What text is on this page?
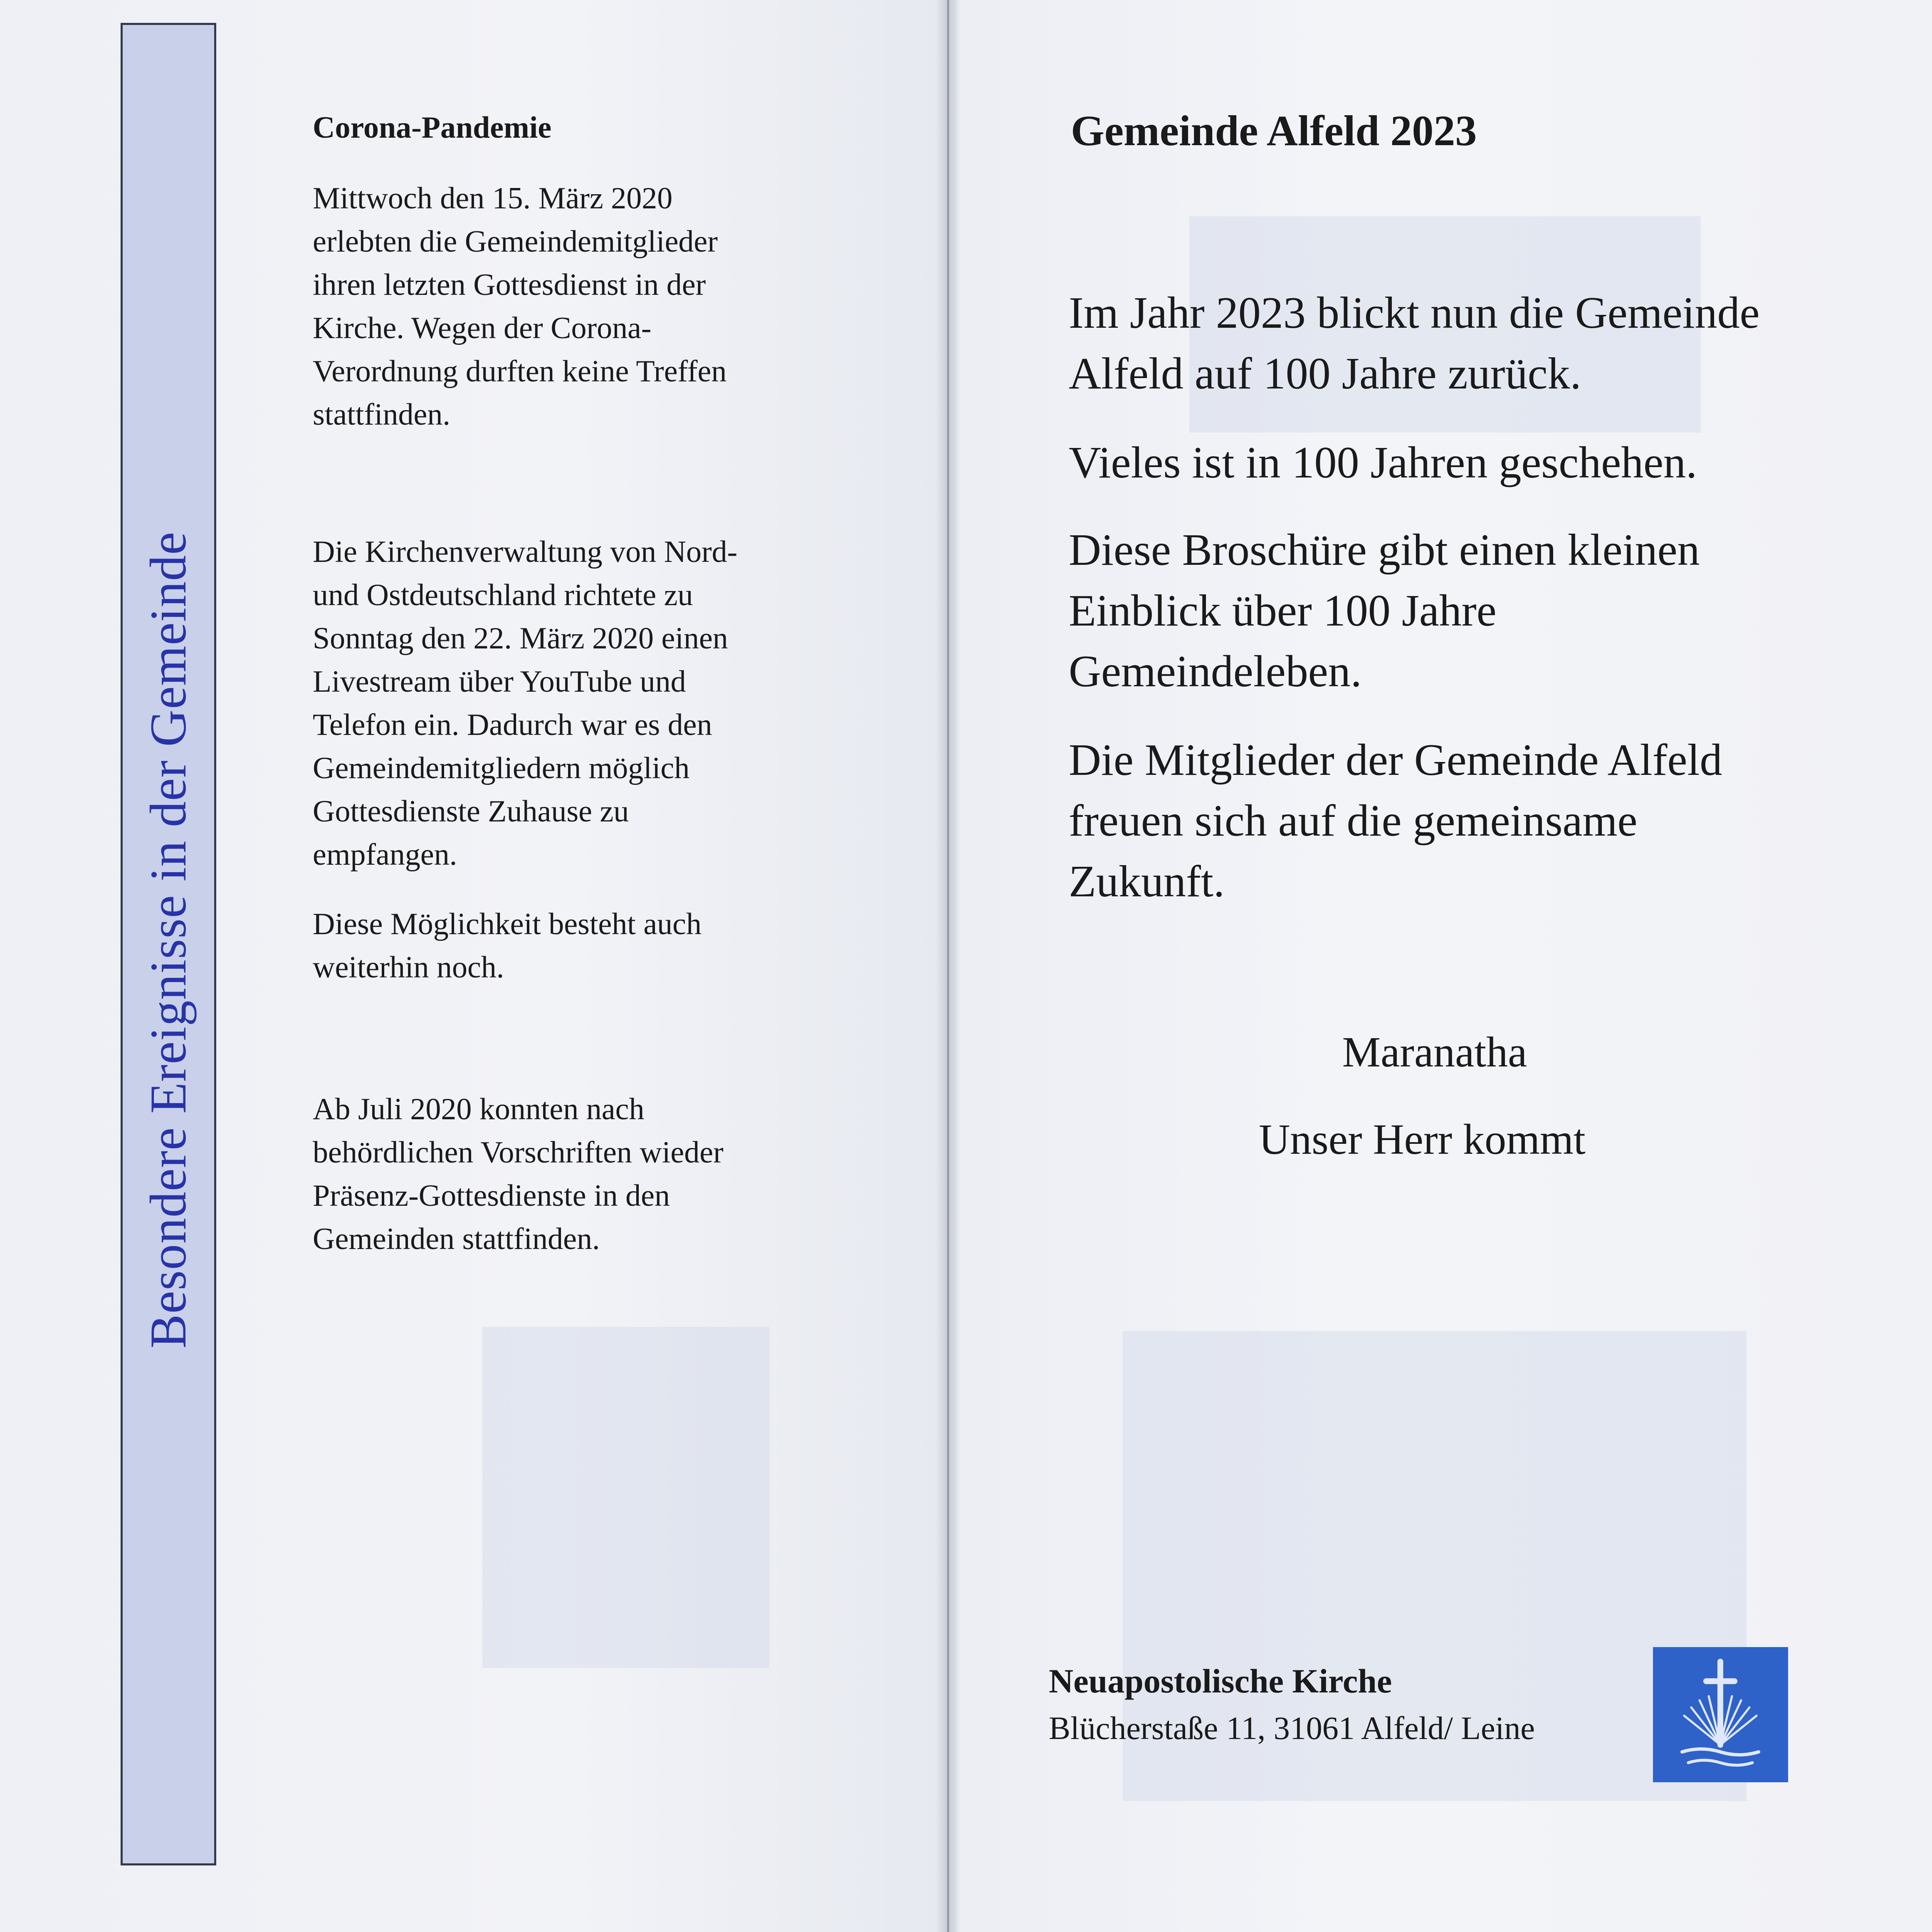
Besondere Ereignisse in der Gemeinde
Corona-Pandemie

Mittwoch den 15. März 2020

erlebten die Gemeindemitglieder

ihren letzten Gottesdienst in der

Kirche. Wegen der Corona-

Verordnung durften keine Treffen

stattfinden.

Die Kirchenverwaltung von Nord-

und Ostdeutschland richtete zu

Sonntag den 22. März 2020 einen

Livestream über YouTube und

Telefon ein. Dadurch war es den

Gemeindemitgliedern möglich

Gottesdienste Zuhause zu

empfangen.

Diese Möglichkeit besteht auch

weiterhin noch.

Ab Juli 2020 konnten nach

behördlichen Vorschriften wieder

Präsenz-Gottesdienste in den

Gemeinden stattfinden.

Gemeinde Alfeld 2023

Im Jahr 2023 blickt nun die Gemeinde

Alfeld auf 100 Jahre zurück.

Vieles ist in 100 Jahren geschehen.

Diese Broschüre gibt einen kleinen

Einblick über 100 Jahre

Gemeindeleben.

Die Mitglieder der Gemeinde Alfeld

freuen sich auf die gemeinsame

Zukunft.

Maranatha
Unser Herr kommt
Neuapostolische Kirche
Blücherstaße 11, 31061 Alfeld/ Leine
